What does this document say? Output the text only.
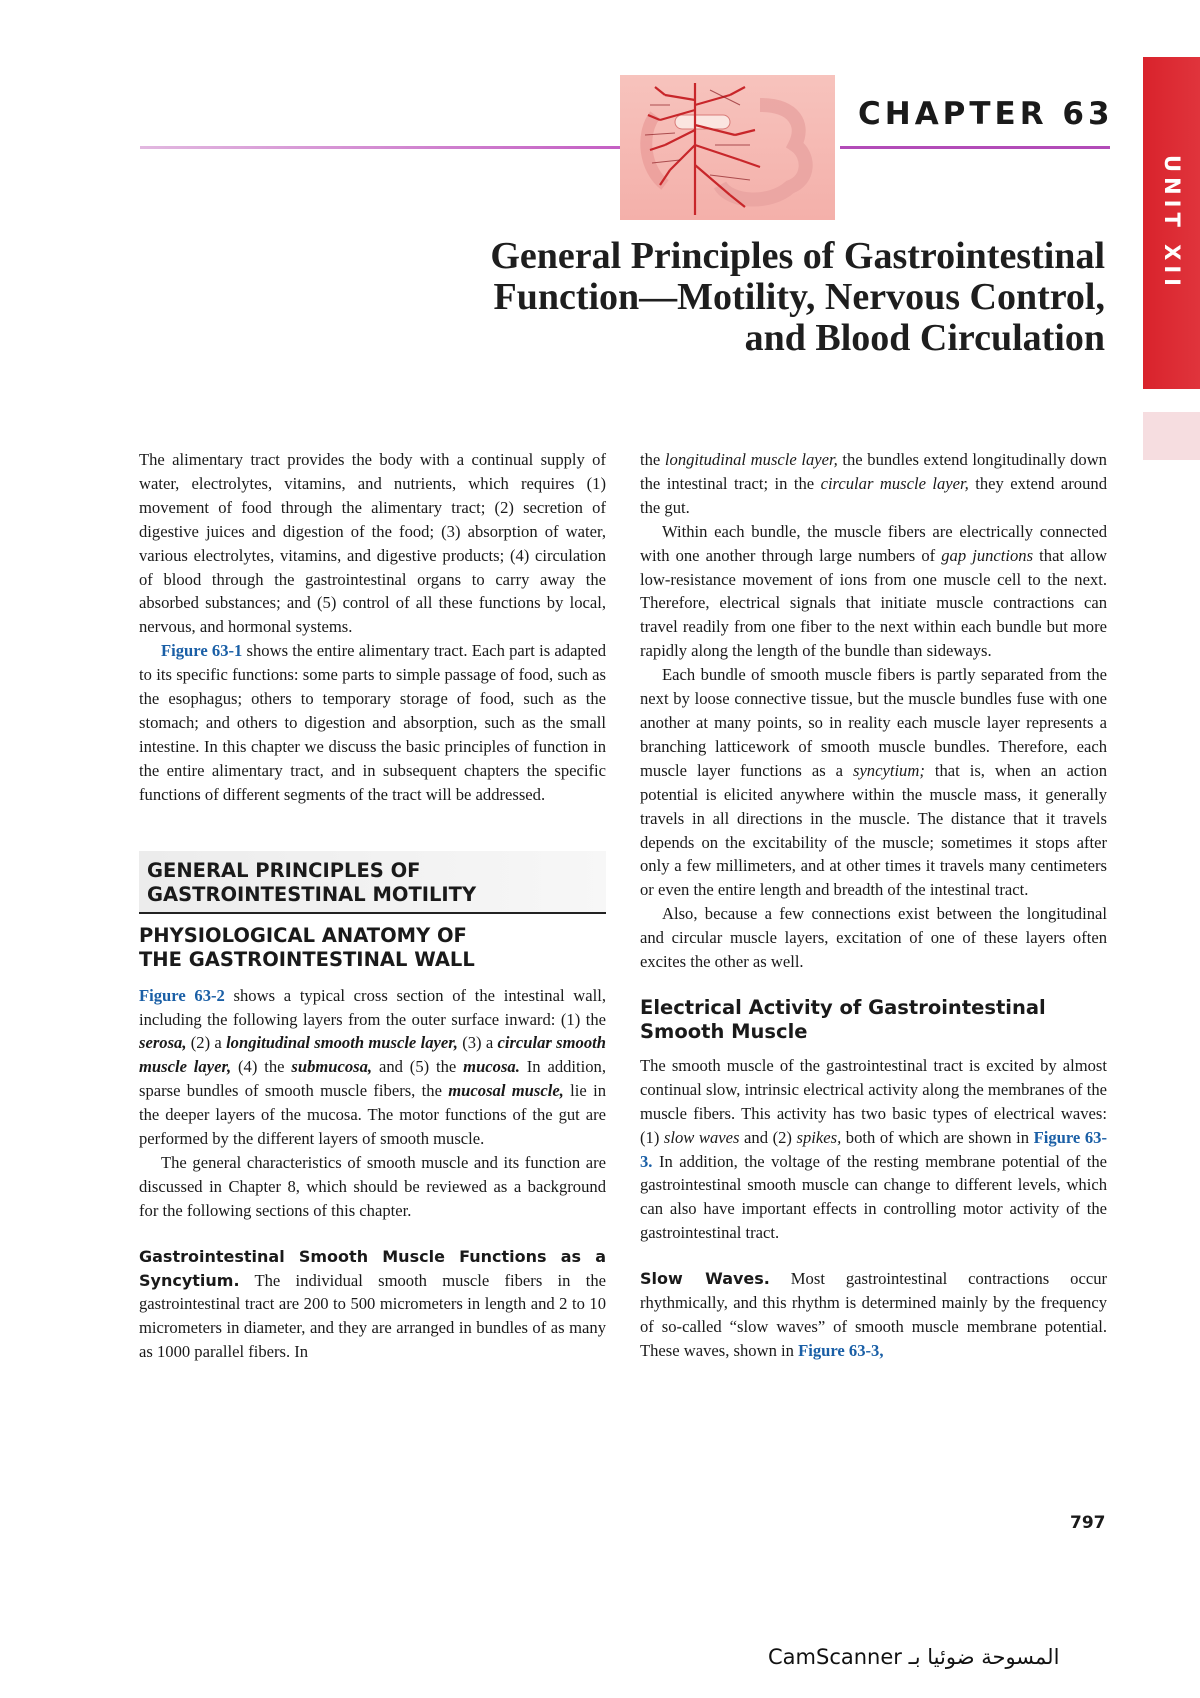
CHAPTER 63
General Principles of Gastrointestinal
Function—Motility, Nervous Control,
and Blood Circulation
UNIT XII

The alimentary tract provides the body with a continual supply of water, electrolytes, vitamins, and nutrients, which requires (1) movement of food through the alimentary tract; (2) secretion of digestive juices and digestion of the food; (3) absorption of water, various electrolytes, vitamins, and digestive products; (4) circulation of blood through the gastrointestinal organs to carry away the absorbed substances; and (5) control of all these functions by local, nervous, and hormonal systems.

Figure 63-1 shows the entire alimentary tract. Each part is adapted to its specific functions: some parts to simple passage of food, such as the esophagus; others to temporary storage of food, such as the stomach; and others to digestion and absorption, such as the small intestine. In this chapter we discuss the basic principles of function in the entire alimentary tract, and in subsequent chapters the specific functions of different segments of the tract will be addressed.

GENERAL PRINCIPLES OF
GASTROINTESTINAL MOTILITY
PHYSIOLOGICAL ANATOMY OF
THE GASTROINTESTINAL WALL

Figure 63-2 shows a typical cross section of the intestinal wall, including the following layers from the outer surface inward: (1) the serosa, (2) a longitudinal smooth muscle layer, (3) a circular smooth muscle layer, (4) the submucosa, and (5) the mucosa. In addition, sparse bundles of smooth muscle fibers, the mucosal muscle, lie in the deeper layers of the mucosa. The motor functions of the gut are performed by the different layers of smooth muscle.

The general characteristics of smooth muscle and its function are discussed in Chapter 8, which should be reviewed as a background for the following sections of this chapter.

Gastrointestinal Smooth Muscle Functions as a Syncytium. The individual smooth muscle fibers in the gastrointestinal tract are 200 to 500 micrometers in length and 2 to 10 micrometers in diameter, and they are arranged in bundles of as many as 1000 parallel fibers. In

the longitudinal muscle layer, the bundles extend longitudinally down the intestinal tract; in the circular muscle layer, they extend around the gut.

Within each bundle, the muscle fibers are electrically connected with one another through large numbers of gap junctions that allow low-resistance movement of ions from one muscle cell to the next. Therefore, electrical signals that initiate muscle contractions can travel readily from one fiber to the next within each bundle but more rapidly along the length of the bundle than sideways.

Each bundle of smooth muscle fibers is partly separated from the next by loose connective tissue, but the muscle bundles fuse with one another at many points, so in reality each muscle layer represents a branching latticework of smooth muscle bundles. Therefore, each muscle layer functions as a syncytium; that is, when an action potential is elicited anywhere within the muscle mass, it generally travels in all directions in the muscle. The distance that it travels depends on the excitability of the muscle; sometimes it stops after only a few millimeters, and at other times it travels many centimeters or even the entire length and breadth of the intestinal tract.

Also, because a few connections exist between the longitudinal and circular muscle layers, excitation of one of these layers often excites the other as well.

Electrical Activity of Gastrointestinal
Smooth Muscle

The smooth muscle of the gastrointestinal tract is excited by almost continual slow, intrinsic electrical activity along the membranes of the muscle fibers. This activity has two basic types of electrical waves: (1) slow waves and (2) spikes, both of which are shown in Figure 63-3. In addition, the voltage of the resting membrane potential of the gastrointestinal smooth muscle can change to different levels, which can also have important effects in controlling motor activity of the gastrointestinal tract.

Slow Waves. Most gastrointestinal contractions occur rhythmically, and this rhythm is determined mainly by the frequency of so-called “slow waves” of smooth muscle membrane potential. These waves, shown in Figure 63-3,

797
CamScanner المسوحة ضوئيا بـ
